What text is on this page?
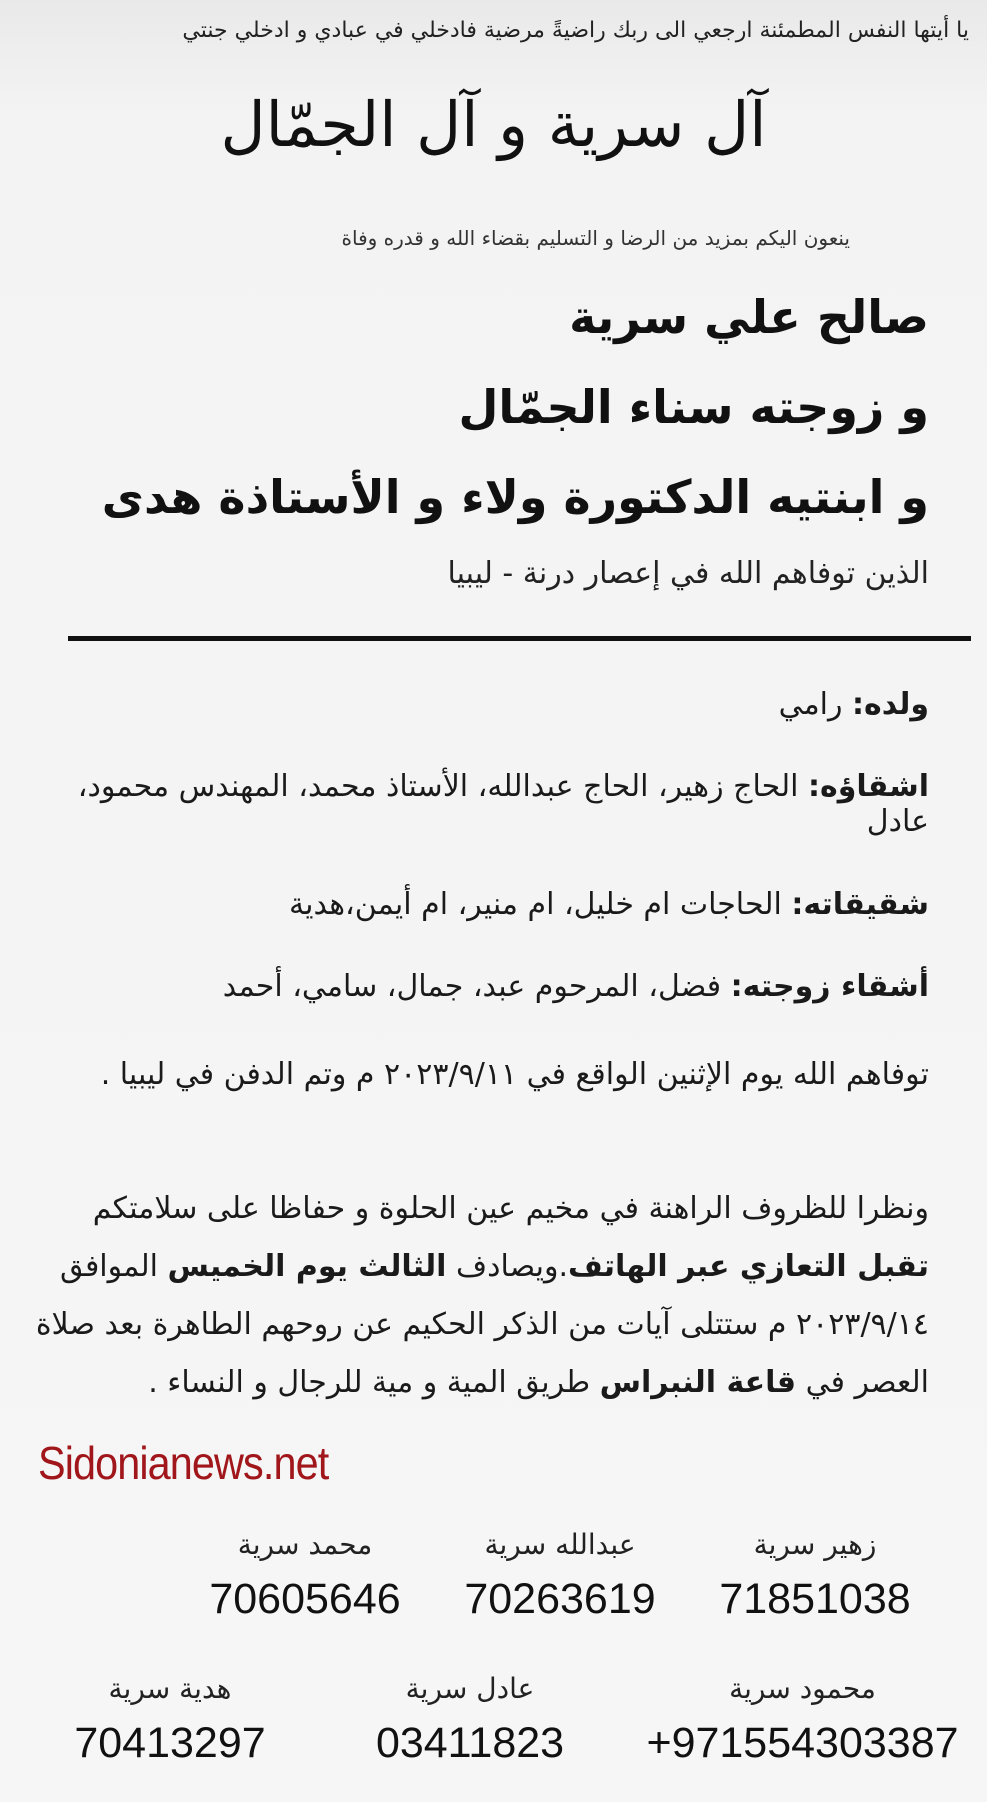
يا أيتها النفس المطمئنة ارجعي الى ربك راضيةً مرضية فادخلي في عبادي و ادخلي جنتي
آل سرية و آل الجمّال
ينعون اليكم بمزيد من الرضا و التسليم بقضاء الله و قدره وفاة
صالح علي سرية
و زوجته سناء الجمّال
و ابنتيه الدكتورة ولاء و الأستاذة هدى
الذين توفاهم الله في إعصار درنة - ليبيا
ولده: رامي
اشقاؤه: الحاج زهير، الحاج عبدالله، الأستاذ محمد، المهندس محمود، عادل
شقيقاته: الحاجات ام خليل، ام منير، ام أيمن،هدية
أشقاء زوجته: فضل، المرحوم عبد، جمال، سامي، أحمد
توفاهم الله يوم الإثنين الواقع في ٢٠٢٣/٩/١١ م وتم الدفن في ليبيا .
ونظرا للظروف الراهنة في مخيم عين الحلوة و حفاظا على سلامتكم تقبل التعازي عبر الهاتف.ويصادف الثالث يوم الخميس الموافق ٢٠٢٣/٩/١٤ م ستتلى آيات من الذكر الحكيم عن روحهم الطاهرة بعد صلاة العصر في قاعة النبراس طريق المية و مية للرجال و النساء .
Sidonianews.net
زهير سرية
71851038
عبدالله سرية
70263619
محمد سرية
70605646
محمود سرية
+971554303387
عادل سرية
03411823
هدية سرية
70413297
